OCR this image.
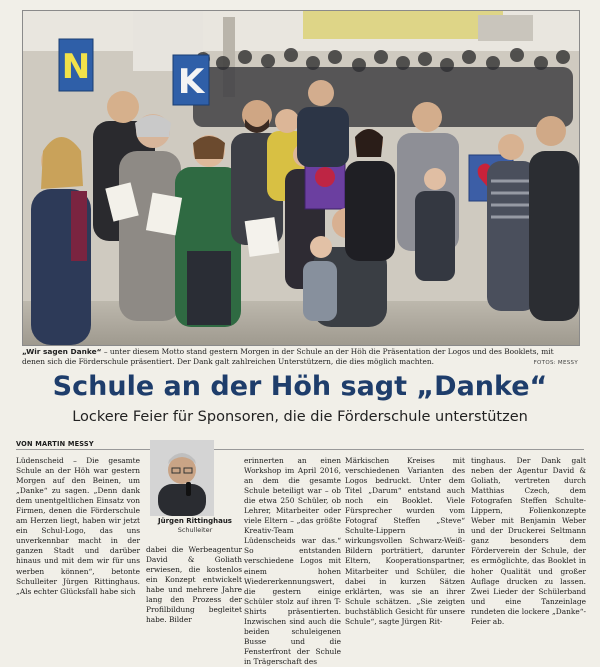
N	K
„Wir sagen Danke“ – unter diesem Motto stand gestern Morgen in der Schule an der Höh die Präsentation der Logos und des Booklets, mit denen sich die Förderschule präsentiert. Der Dank galt zahlreichen Unterstützern, die dies möglich machten.	FOTOS: MESSY
Schule an der Höh sagt „Danke“
Lockere Feier für Sponsoren, die die Förderschule unterstützen
VON MARTIN MESSY

Lüdenscheid – Die gesamte Schule an der Höh war gestern Morgen auf den Beinen, um „Danke“ zu sagen. „Denn dank dem unentgeltlichen Einsatz von Firmen, denen die Förderschule am Herzen liegt, haben wir jetzt ein Schul-Logo, das uns unverkennbar macht in der ganzen Stadt und darüber hinaus und mit dem wir für uns werben können“, betonte Schulleiter Jürgen Rittinghaus. „Als echter Glücksfall habe sich

Jürgen Rittinghaus
Schulleiter

dabei die Werbeagentur David & Goliath erwiesen, die kostenlos ein Konzept entwickelt habe und mehrere Jahre lang den Prozess der Profilbildung begleitet habe. Bilder

erinnerten an einen Workshop im April 2016, an dem die gesamte Schule beteiligt war – ob die etwa 250 Schüler, ob Lehrer, Mitarbeiter oder viele Eltern – „das größte Kreativ-Team Lüdenscheids war das.“ So entstanden verschiedene Logos mit einem hohen Wiedererkennungswert, die gestern einige Schüler stolz auf ihren T-Shirts präsentierten. Inzwischen sind auch die beiden schuleigenen Busse und die Fensterfront der Schule in Trägerschaft des

Märkischen Kreises mit verschiedenen Varianten des Logos bedruckt. Unter dem Titel „Darum“ entstand auch noch ein Booklet. Viele Fürsprecher wurden vom Fotograf Steffen „Steve“ Schulte-Lippern in wirkungsvollen Schwarz-Weiß-Bildern porträtiert, darunter Eltern, Kooperationspartner, Mitarbeiter und Schüler, die dabei in kurzen Sätzen erklärten, was sie an ihrer Schule schätzen. „Sie zeigten buchstäblich Gesicht für unsere Schule“, sagte Jürgen Rit-

tinghaus. Der Dank galt neben der Agentur David & Goliath, vertreten durch Matthias Czech, dem Fotografen Steffen Schulte-Lippern, Folienkonzepte Weber mit Benjamin Weber und der Druckerei Seltmann ganz besonders dem Förderverein der Schule, der es ermöglichte, das Booklet in hoher Qualität und großer Auflage drucken zu lassen. Zwei Lieder der Schülerband und eine Tanzeinlage rundeten die lockere „Danke“-Feier ab.
